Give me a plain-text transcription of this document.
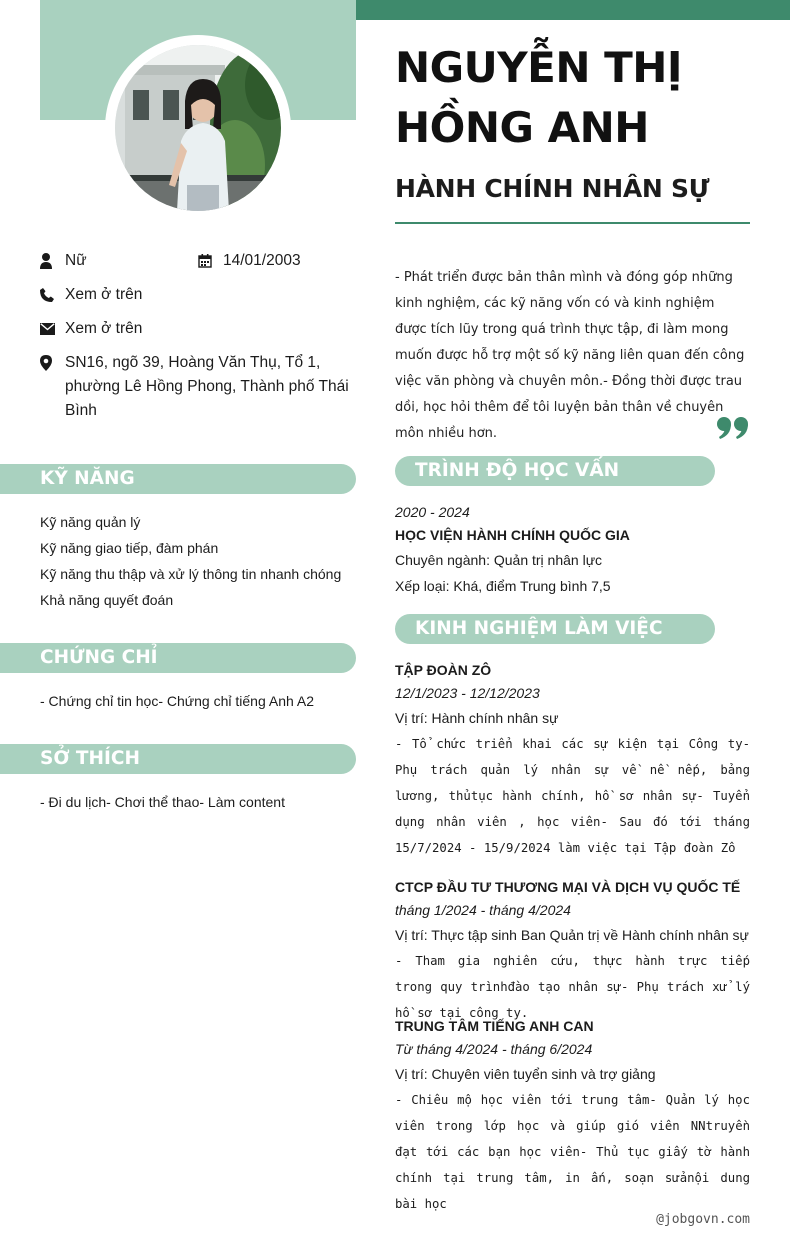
NGUYỄN THỊ
HỒNG ANH
HÀNH CHÍNH NHÂN SỰ
Nữ	14/01/2003
Xem ở trên
Xem ở trên
SN16, ngõ 39, Hoàng Văn Thụ, Tổ 1, phường Lê Hồng Phong, Thành phố Thái Bình
KỸ NĂNG
Kỹ năng quản lý
Kỹ năng giao tiếp, đàm phán
Kỹ năng thu thập và xử lý thông tin nhanh chóng
Khả năng quyết đoán
CHỨNG CHỈ
- Chứng chỉ tin học- Chứng chỉ tiếng Anh A2
SỞ THÍCH
- Đi du lịch- Chơi thể thao- Làm content
- Phát triển được bản thân mình và đóng góp những kinh nghiệm, các kỹ năng vốn có và kinh nghiệm được tích lũy trong quá trình thực tập, đi làm mong muốn được hỗ trợ một số kỹ năng liên quan đến công việc văn phòng và chuyên môn.- Đồng thời được trau dồi, học hỏi thêm để tôi luyện bản thân về chuyên môn nhiều hơn.
TRÌNH ĐỘ HỌC VẤN
2020 - 2024
HỌC VIỆN HÀNH CHÍNH QUỐC GIA
Chuyên ngành: Quản trị nhân lực
Xếp loại: Khá, điểm Trung bình 7,5
KINH NGHIỆM LÀM VIỆC
TẬP ĐOÀN ZÔ
12/1/2023 - 12/12/2023
Vị trí: Hành chính nhân sự
- Tổ chức triển khai các sự kiện tại Công ty- Phụ trách quản lý nhân sự về nề nếp, bảng lương, thủtục hành chính, hồ sơ nhân sự- Tuyển dụng nhân viên , học viên- Sau đó tới tháng 15/7/2024 - 15/9/2024 làm việc tại Tập đoàn Zô
CTCP ĐẦU TƯ THƯƠNG MẠI VÀ DỊCH VỤ QUỐC TẾ
tháng 1/2024 - tháng 4/2024
Vị trí: Thực tập sinh Ban Quản trị về Hành chính nhân sự
- Tham gia nghiên cứu, thực hành trực tiếp trong quy trìnhđào tạo nhân sự- Phụ trách xử lý hồ sơ tại công ty.
TRUNG TÂM TIẾNG ANH CAN
Từ tháng 4/2024 - tháng 6/2024
Vị trí: Chuyên viên tuyển sinh và trợ giảng
- Chiêu mộ học viên tới trung tâm- Quản lý học viên trong lớp học và giúp gió viên NNtruyền đạt tới các bạn học viên- Thủ tục giấy tờ hành chính tại trung tâm, in ấn, soạn sửanội dung bài học
@jobgovn.com
